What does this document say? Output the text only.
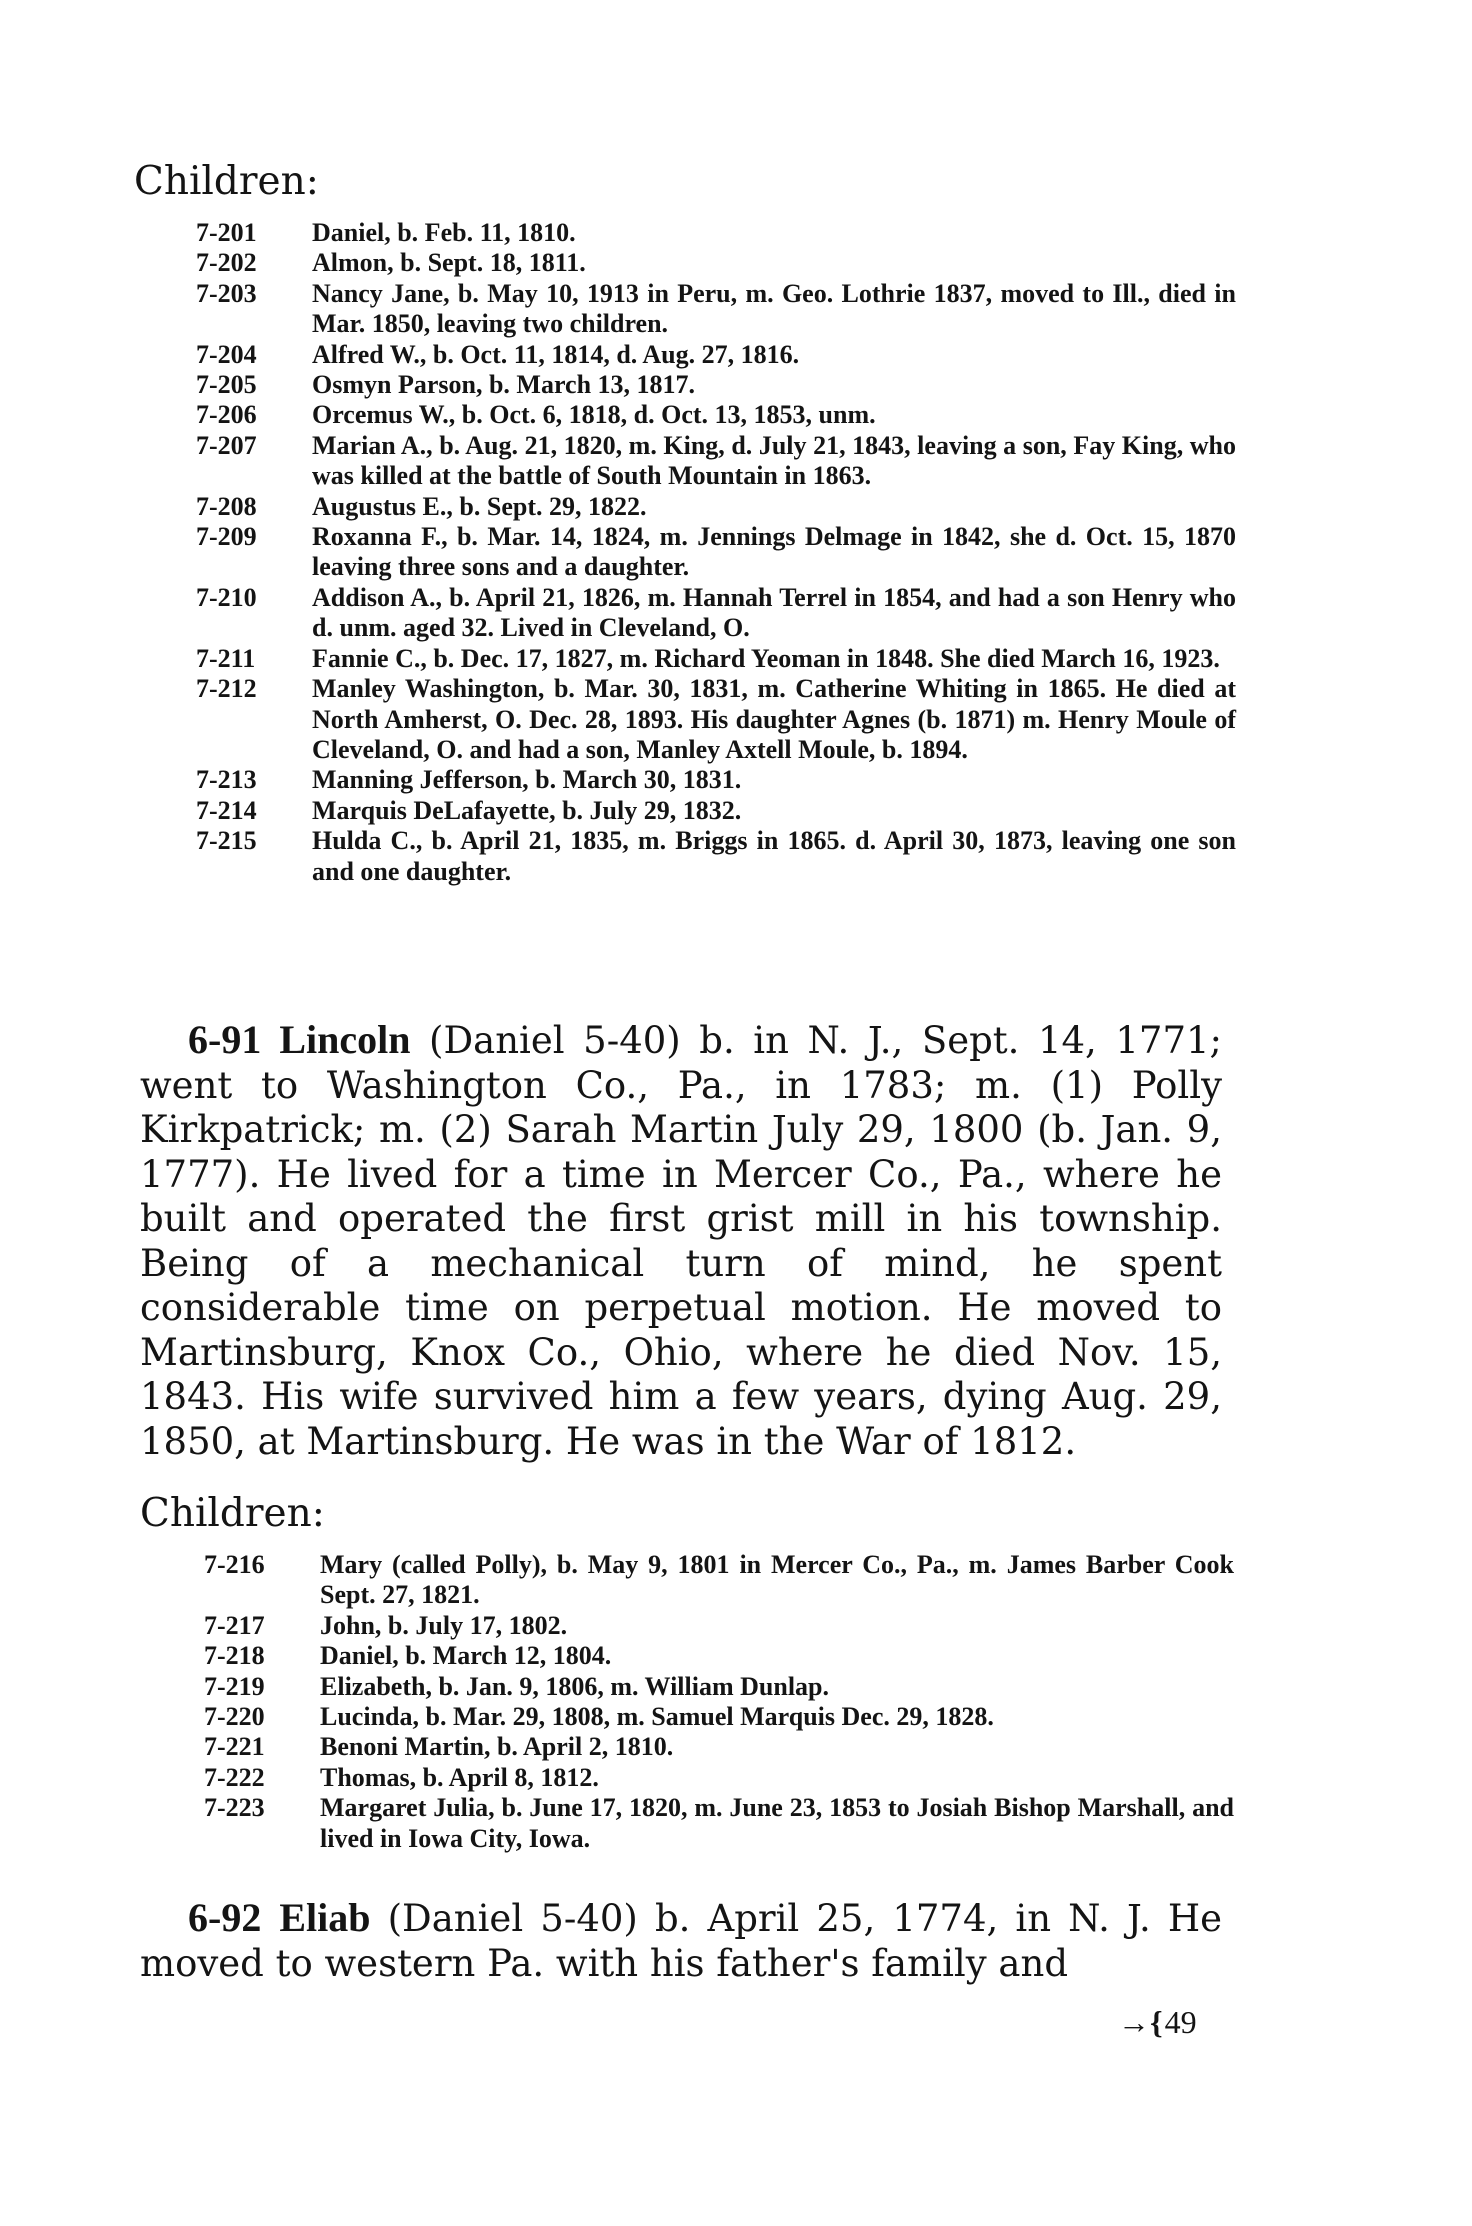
Children:
7-201	Daniel, b. Feb. 11, 1810.
7-202	Almon, b. Sept. 18, 1811.
7-203	Nancy Jane, b. May 10, 1913 in Peru, m. Geo. Lothrie 1837, moved to Ill., died in Mar. 1850, leaving two children.
7-204	Alfred W., b. Oct. 11, 1814, d. Aug. 27, 1816.
7-205	Osmyn Parson, b. March 13, 1817.
7-206	Orcemus W., b. Oct. 6, 1818, d. Oct. 13, 1853, unm.
7-207	Marian A., b. Aug. 21, 1820, m. King, d. July 21, 1843, leaving a son, Fay King, who was killed at the battle of South Mountain in 1863.
7-208	Augustus E., b. Sept. 29, 1822.
7-209	Roxanna F., b. Mar. 14, 1824, m. Jennings Delmage in 1842, she d. Oct. 15, 1870 leaving three sons and a daughter.
7-210	Addison A., b. April 21, 1826, m. Hannah Terrel in 1854, and had a son Henry who d. unm. aged 32. Lived in Cleveland, O.
7-211	Fannie C., b. Dec. 17, 1827, m. Richard Yeoman in 1848. She died March 16, 1923.
7-212	Manley Washington, b. Mar. 30, 1831, m. Catherine Whiting in 1865. He died at North Amherst, O. Dec. 28, 1893. His daughter Agnes (b. 1871) m. Henry Moule of Cleveland, O. and had a son, Manley Axtell Moule, b. 1894.
7-213	Manning Jefferson, b. March 30, 1831.
7-214	Marquis DeLafayette, b. July 29, 1832.
7-215	Hulda C., b. April 21, 1835, m. Briggs in 1865. d. April 30, 1873, leaving one son and one daughter.
6-91 Lincoln (Daniel 5-40) b. in N. J., Sept. 14, 1771; went to Washington Co., Pa., in 1783; m. (1) Polly Kirkpatrick; m. (2) Sarah Martin July 29, 1800 (b. Jan. 9, 1777). He lived for a time in Mercer Co., Pa., where he built and operated the first grist mill in his township. Being of a mechanical turn of mind, he spent considerable time on perpetual motion. He moved to Martinsburg, Knox Co., Ohio, where he died Nov. 15, 1843. His wife survived him a few years, dying Aug. 29, 1850, at Martinsburg. He was in the War of 1812.
Children:
7-216	Mary (called Polly), b. May 9, 1801 in Mercer Co., Pa., m. James Barber Cook Sept. 27, 1821.
7-217	John, b. July 17, 1802.
7-218	Daniel, b. March 12, 1804.
7-219	Elizabeth, b. Jan. 9, 1806, m. William Dunlap.
7-220	Lucinda, b. Mar. 29, 1808, m. Samuel Marquis Dec. 29, 1828.
7-221	Benoni Martin, b. April 2, 1810.
7-222	Thomas, b. April 8, 1812.
7-223	Margaret Julia, b. June 17, 1820, m. June 23, 1853 to Josiah Bishop Marshall, and lived in Iowa City, Iowa.
6-92 Eliab (Daniel 5-40) b. April 25, 1774, in N. J. He moved to western Pa. with his father's family and
→{49
